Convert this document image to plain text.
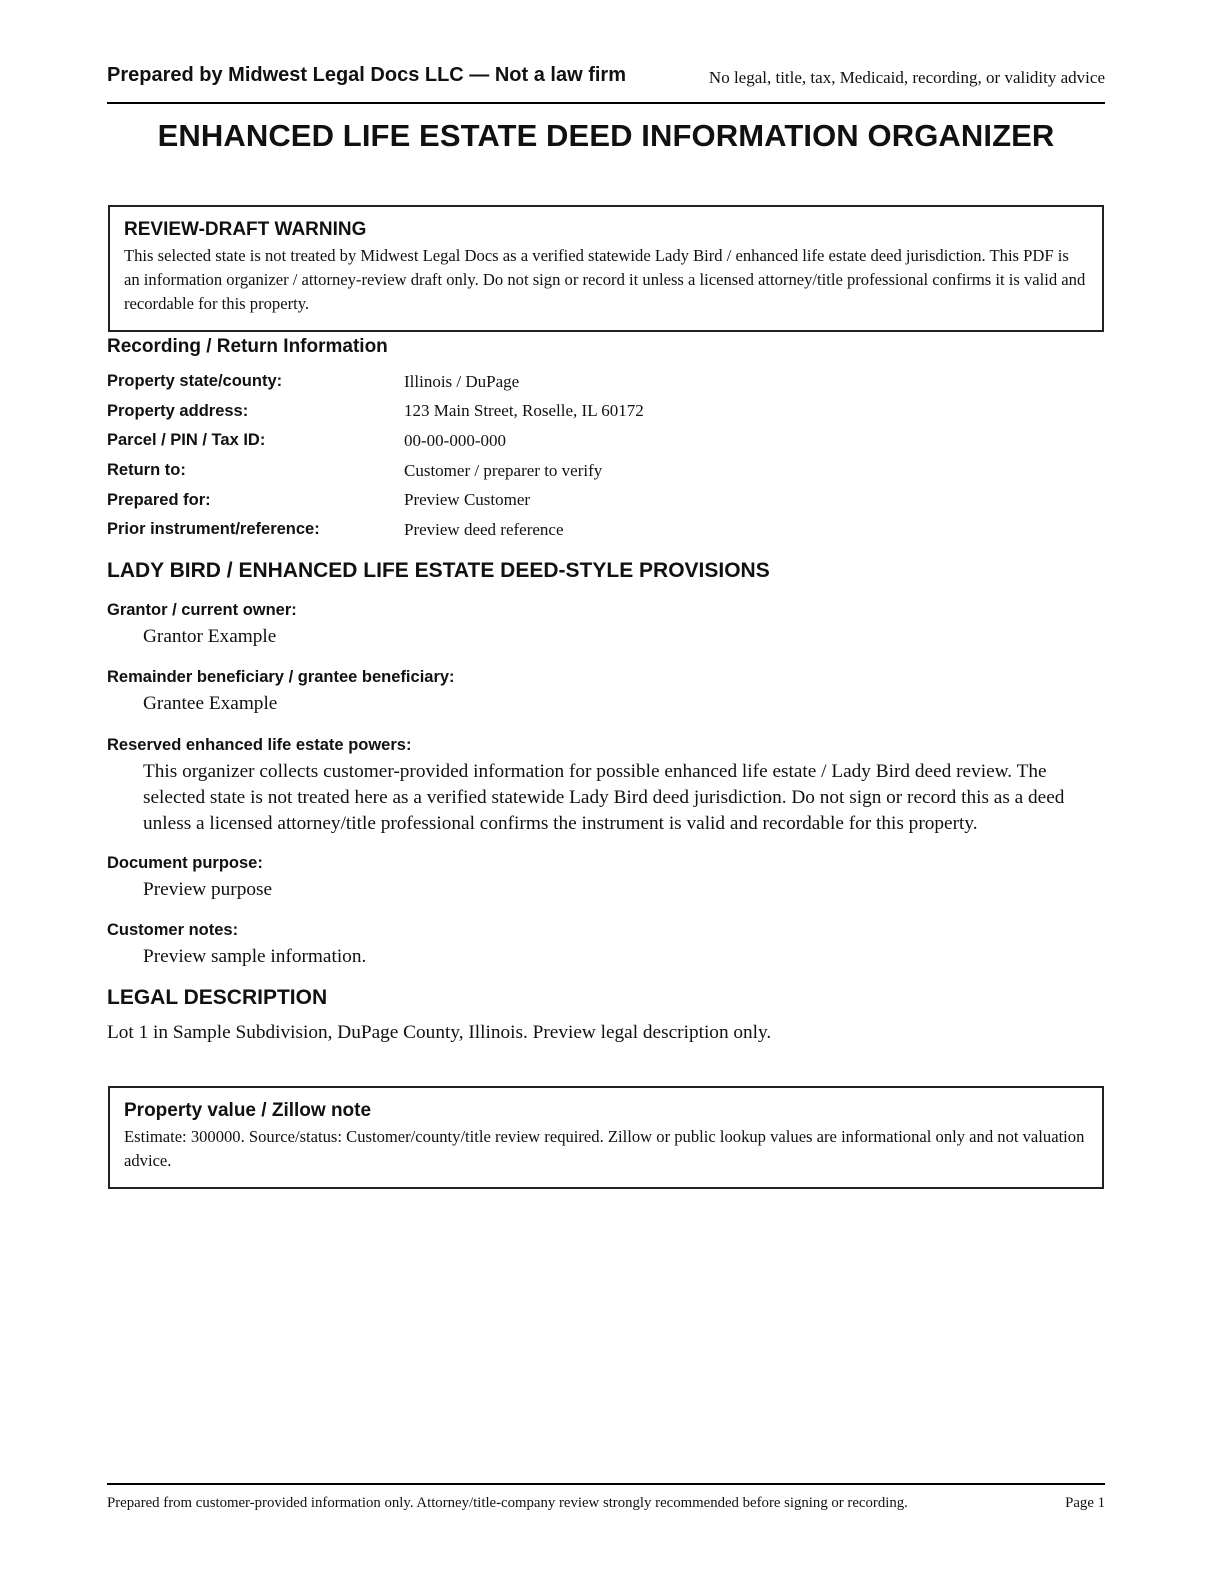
Prepared by Midwest Legal Docs LLC — Not a law firm	No legal, title, tax, Medicaid, recording, or validity advice
ENHANCED LIFE ESTATE DEED INFORMATION ORGANIZER
REVIEW-DRAFT WARNING

This selected state is not treated by Midwest Legal Docs as a verified statewide Lady Bird / enhanced life estate deed jurisdiction. This PDF is an information organizer / attorney-review draft only. Do not sign or record it unless a licensed attorney/title professional confirms it is valid and recordable for this property.

Recording / Return Information
Property state/county:	Illinois / DuPage
Property address:	123 Main Street, Roselle, IL 60172
Parcel / PIN / Tax ID:	00-00-000-000
Return to:	Customer / preparer to verify
Prepared for:	Preview Customer
Prior instrument/reference:	Preview deed reference
LADY BIRD / ENHANCED LIFE ESTATE DEED-STYLE PROVISIONS
Grantor / current owner:
Grantor Example
Remainder beneficiary / grantee beneficiary:
Grantee Example
Reserved enhanced life estate powers:
This organizer collects customer-provided information for possible enhanced life estate / Lady Bird deed review. The selected state is not treated here as a verified statewide Lady Bird deed jurisdiction. Do not sign or record this as a deed unless a licensed attorney/title professional confirms the instrument is valid and recordable for this property.
Document purpose:
Preview purpose
Customer notes:
Preview sample information.
LEGAL DESCRIPTION
Lot 1 in Sample Subdivision, DuPage County, Illinois. Preview legal description only.
Property value / Zillow note

Estimate: 300000. Source/status: Customer/county/title review required. Zillow or public lookup values are informational only and not valuation advice.

Prepared from customer-provided information only. Attorney/title-company review strongly recommended before signing or recording.	Page 1
